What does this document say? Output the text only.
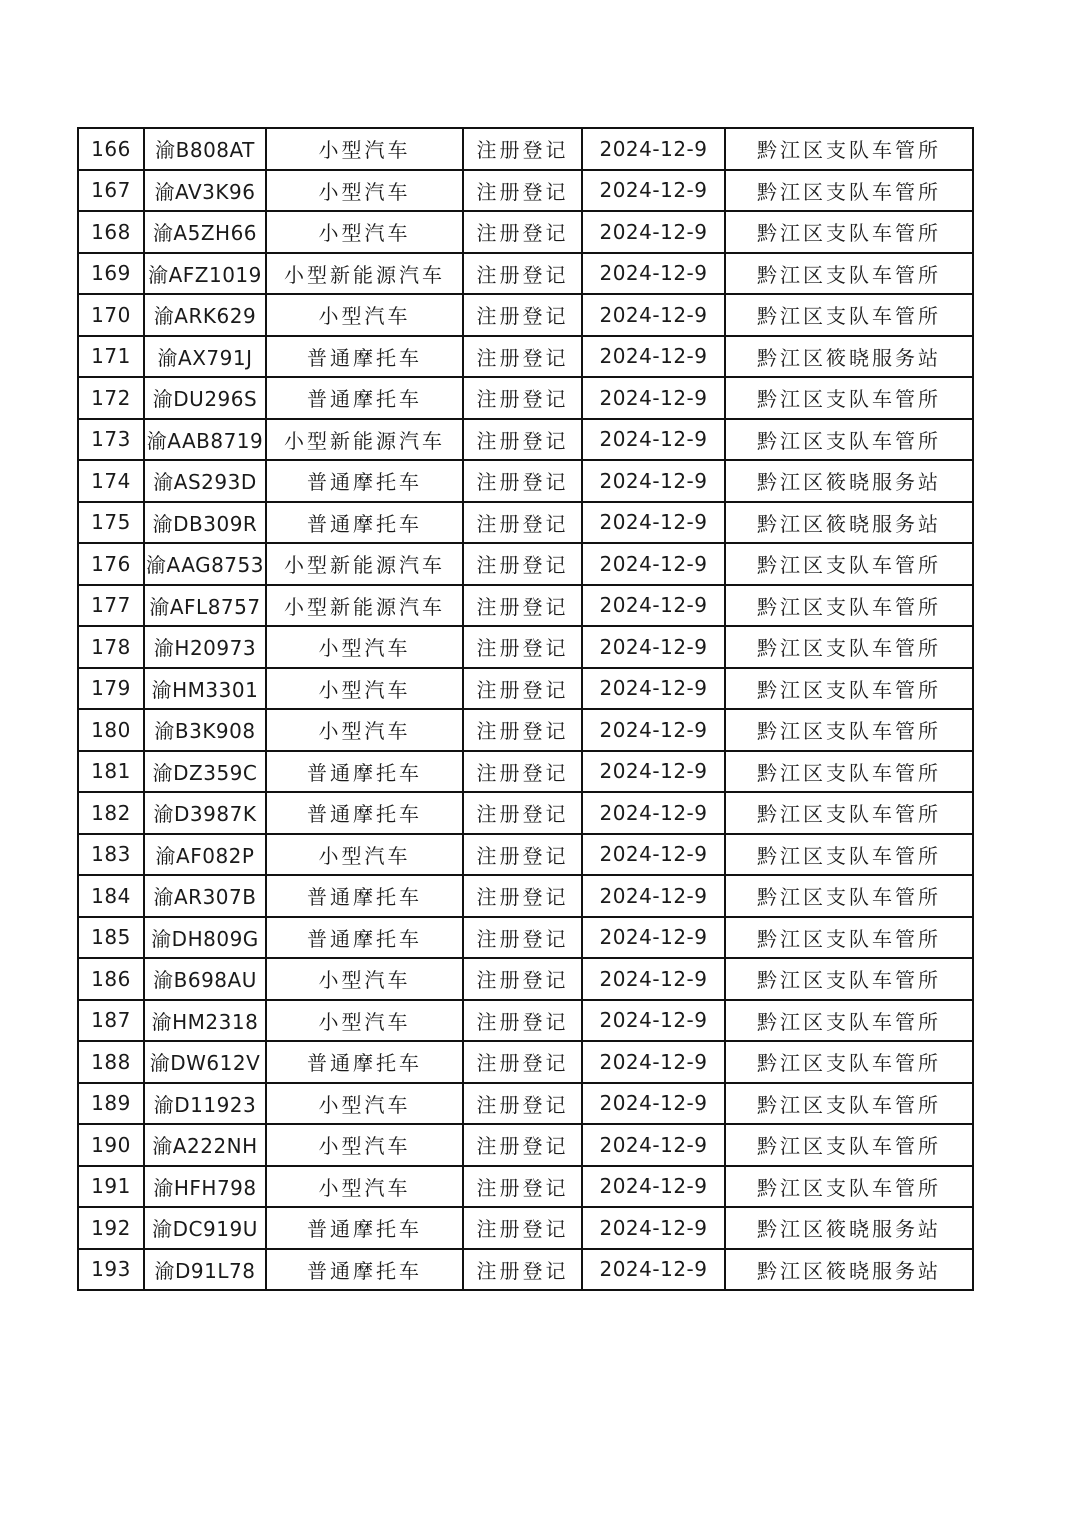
166	渝B808AT	小型汽车	注册登记	2024-12-9	黔江区支队车管所
167	渝AV3K96	小型汽车	注册登记	2024-12-9	黔江区支队车管所
168	渝A5ZH66	小型汽车	注册登记	2024-12-9	黔江区支队车管所
169	渝AFZ1019	小型新能源汽车	注册登记	2024-12-9	黔江区支队车管所
170	渝ARK629	小型汽车	注册登记	2024-12-9	黔江区支队车管所
171	渝AX791J	普通摩托车	注册登记	2024-12-9	黔江区筱晓服务站
172	渝DU296S	普通摩托车	注册登记	2024-12-9	黔江区支队车管所
173	渝AAB8719	小型新能源汽车	注册登记	2024-12-9	黔江区支队车管所
174	渝AS293D	普通摩托车	注册登记	2024-12-9	黔江区筱晓服务站
175	渝DB309R	普通摩托车	注册登记	2024-12-9	黔江区筱晓服务站
176	渝AAG8753	小型新能源汽车	注册登记	2024-12-9	黔江区支队车管所
177	渝AFL8757	小型新能源汽车	注册登记	2024-12-9	黔江区支队车管所
178	渝H20973	小型汽车	注册登记	2024-12-9	黔江区支队车管所
179	渝HM3301	小型汽车	注册登记	2024-12-9	黔江区支队车管所
180	渝B3K908	小型汽车	注册登记	2024-12-9	黔江区支队车管所
181	渝DZ359C	普通摩托车	注册登记	2024-12-9	黔江区支队车管所
182	渝D3987K	普通摩托车	注册登记	2024-12-9	黔江区支队车管所
183	渝AF082P	小型汽车	注册登记	2024-12-9	黔江区支队车管所
184	渝AR307B	普通摩托车	注册登记	2024-12-9	黔江区支队车管所
185	渝DH809G	普通摩托车	注册登记	2024-12-9	黔江区支队车管所
186	渝B698AU	小型汽车	注册登记	2024-12-9	黔江区支队车管所
187	渝HM2318	小型汽车	注册登记	2024-12-9	黔江区支队车管所
188	渝DW612V	普通摩托车	注册登记	2024-12-9	黔江区支队车管所
189	渝D11923	小型汽车	注册登记	2024-12-9	黔江区支队车管所
190	渝A222NH	小型汽车	注册登记	2024-12-9	黔江区支队车管所
191	渝HFH798	小型汽车	注册登记	2024-12-9	黔江区支队车管所
192	渝DC919U	普通摩托车	注册登记	2024-12-9	黔江区筱晓服务站
193	渝D91L78	普通摩托车	注册登记	2024-12-9	黔江区筱晓服务站
